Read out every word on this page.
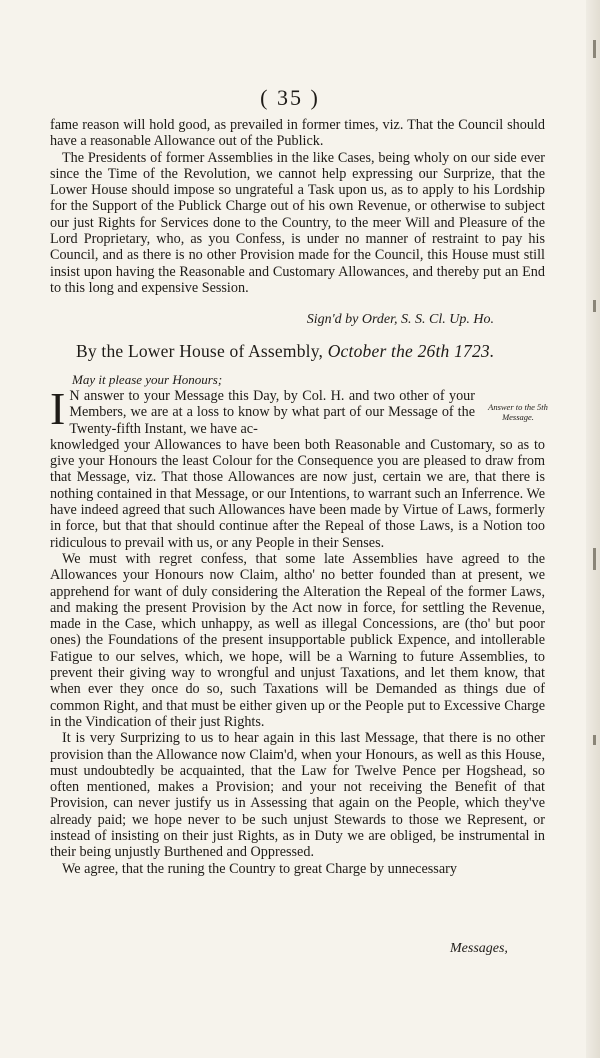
( 35 )

fame reason will hold good, as prevailed in former times, viz. That the Council should have a reasonable Allowance out of the Publick.

The Presidents of former Assemblies in the like Cases, being wholy on our side ever since the Time of the Revolution, we cannot help expressing our Surprize, that the Lower House should impose so ungrateful a Task upon us, as to apply to his Lordship for the Support of the Publick Charge out of his own Revenue, or otherwise to subject our just Rights for Services done to the Country, to the meer Will and Pleasure of the Lord Proprietary, who, as you Confess, is under no manner of restraint to pay his Council, and as there is no other Provision made for the Council, this House must still insist upon having the Reasonable and Customary Allowances, and thereby put an End to this long and expensive Session.

Sign'd by Order, S. S. Cl. Up. Ho.
By the Lower House of Assembly, October the 26th 1723.
May it please your Honours;
Answer to the 5th Message.
I N answer to your Message this Day, by Col. H. and two other of your Members, we are at a loss to know by what part of our Message of the Twenty-fifth Instant, we have ac-

knowledged your Allowances to have been both Reasonable and Customary, so as to give your Honours the least Colour for the Consequence you are pleased to draw from that Message, viz. That those Allowances are now just, certain we are, that there is nothing contained in that Message, or our Intentions, to warrant such an Inferrence. We have indeed agreed that such Allowances have been made by Virtue of Laws, formerly in force, but that that should continue after the Repeal of those Laws, is a Notion too ridiculous to prevail with us, or any People in their Senses.

We must with regret confess, that some late Assemblies have agreed to the Allowances your Honours now Claim, altho' no better founded than at present, we apprehend for want of duly considering the Alteration the Repeal of the former Laws, and making the present Provision by the Act now in force, for settling the Revenue, made in the Case, which unhappy, as well as illegal Concessions, are (tho' but poor ones) the Foundations of the present insupportable publick Expence, and intollerable Fatigue to our selves, which, we hope, will be a Warning to future Assemblies, to prevent their giving way to wrongful and unjust Taxations, and let them know, that when ever they once do so, such Taxations will be Demanded as things due of common Right, and that must be either given up or the People put to Excessive Charge in the Vindication of their just Rights.

It is very Surprizing to us to hear again in this last Message, that there is no other provision than the Allowance now Claim'd, when your Honours, as well as this House, must undoubtedly be acquainted, that the Law for Twelve Pence per Hogshead, so often mentioned, makes a Provision; and your not receiving the Benefit of that Provision, can never justify us in Assessing that again on the People, which they've already paid; we hope never to be such unjust Stewards to those we Represent, or instead of insisting on their just Rights, as in Duty we are obliged, be instrumental in their being unjustly Burthened and Oppressed.

We agree, that the runing the Country to great Charge by unnecessary

Messages,
